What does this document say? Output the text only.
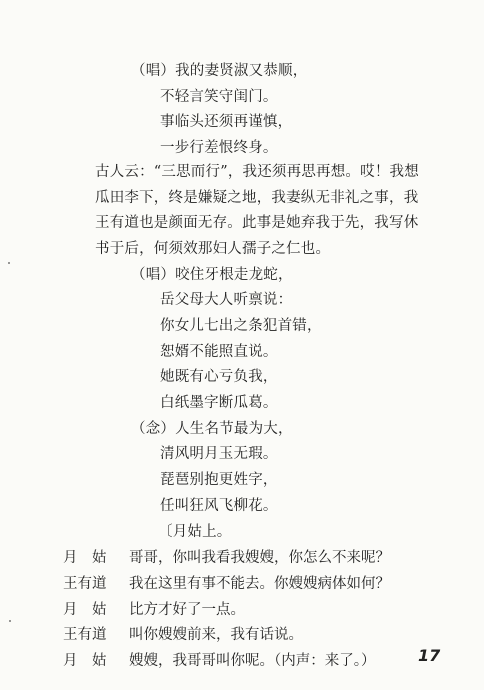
（唱）我的妻贤淑又恭顺，
不轻言笑守闺门。
事临头还须再谨慎，
一步行差恨终身。
古人云：“三思而行”，我还须再思再想。哎！我想
瓜田李下，终是嫌疑之地，我妻纵无非礼之事，我
王有道也是颜面无存。此事是她弃我于先，我写休
书于后，何须效那妇人孺子之仁也。
（唱）咬住牙根走龙蛇，
岳父母大人听禀说：
你女儿七出之条犯首错，
恕婿不能照直说。
她既有心亏负我，
白纸墨字断瓜葛。
（念）人生名节最为大，
清风明月玉无瑕。
琵琶别抱更姓字，
任叫狂风飞柳花。
〔月姑上。
月　姑	哥哥，你叫我看我嫂嫂，你怎么不来呢？
王有道	我在这里有事不能去。你嫂嫂病体如何？
月　姑	比方才好了一点。
王有道	叫你嫂嫂前来，我有话说。
月　姑	嫂嫂，我哥哥叫你呢。（内声：来了。）	17
